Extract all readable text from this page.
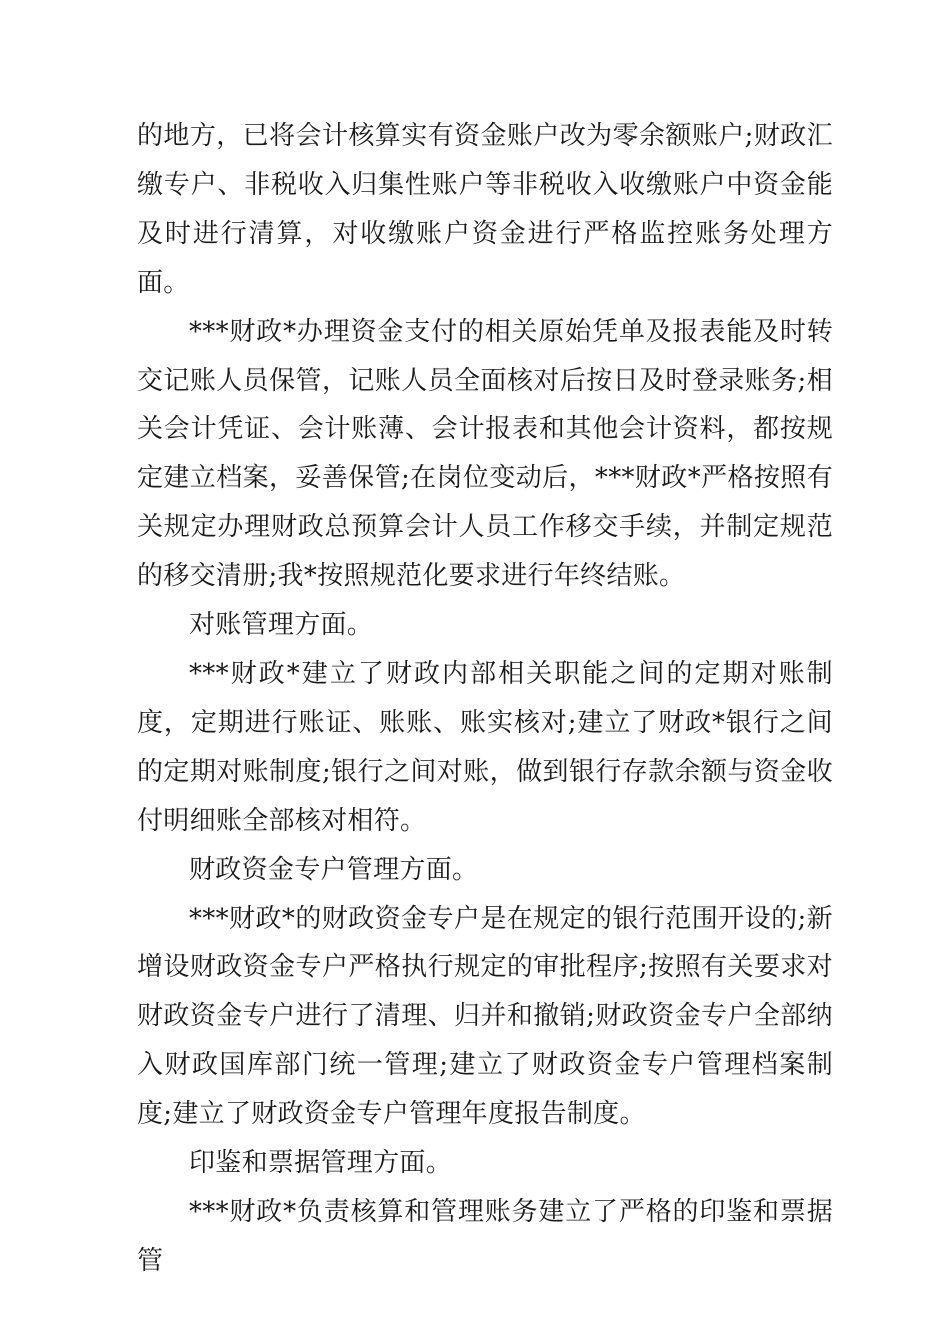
的地方，已将会计核算实有资金账户改为零余额账户;财政汇缴专户、非税收入归集性账户等非税收入收缴账户中资金能及时进行清算，对收缴账户资金进行严格监控账务处理方面。

***财政*办理资金支付的相关原始凭单及报表能及时转交记账人员保管，记账人员全面核对后按日及时登录账务;相关会计凭证、会计账薄、会计报表和其他会计资料，都按规定建立档案，妥善保管;在岗位变动后，***财政*严格按照有关规定办理财政总预算会计人员工作移交手续，并制定规范的移交清册;我*按照规范化要求进行年终结账。

对账管理方面。

***财政*建立了财政内部相关职能之间的定期对账制度，定期进行账证、账账、账实核对;建立了财政*银行之间的定期对账制度;银行之间对账，做到银行存款余额与资金收付明细账全部核对相符。

财政资金专户管理方面。

***财政*的财政资金专户是在规定的银行范围开设的;新增设财政资金专户严格执行规定的审批程序;按照有关要求对财政资金专户进行了清理、归并和撤销;财政资金专户全部纳入财政国库部门统一管理;建立了财政资金专户管理档案制度;建立了财政资金专户管理年度报告制度。

印鉴和票据管理方面。

***财政*负责核算和管理账务建立了严格的印鉴和票据管
